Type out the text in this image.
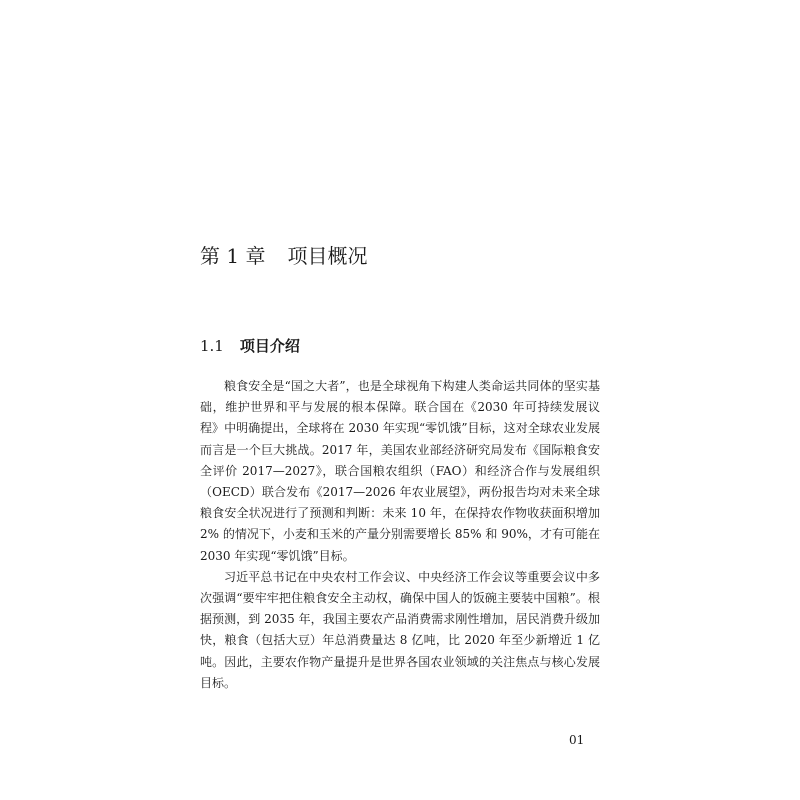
第 1 章 项目概况
1.1 项目介绍

粮食安全是“国之大者”，也是全球视角下构建人类命运共同体的坚实基础，维护世界和平与发展的根本保障。联合国在《2030 年可持续发展议程》中明确提出，全球将在 2030 年实现“零饥饿”目标，这对全球农业发展而言是一个巨大挑战。2017 年，美国农业部经济研究局发布《国际粮食安全评价 2017—2027》，联合国粮农组织（FAO）和经济合作与发展组织（OECD）联合发布《2017—2026 年农业展望》，两份报告均对未来全球粮食安全状况进行了预测和判断：未来 10 年，在保持农作物收获面积增加 2% 的情况下，小麦和玉米的产量分别需要增长 85% 和 90%，才有可能在 2030 年实现“零饥饿”目标。

习近平总书记在中央农村工作会议、中央经济工作会议等重要会议中多次强调“要牢牢把住粮食安全主动权，确保中国人的饭碗主要装中国粮”。根据预测，到 2035 年，我国主要农产品消费需求刚性增加，居民消费升级加快，粮食（包括大豆）年总消费量达 8 亿吨，比 2020 年至少新增近 1 亿吨。因此，主要农作物产量提升是世界各国农业领域的关注焦点与核心发展目标。

01
